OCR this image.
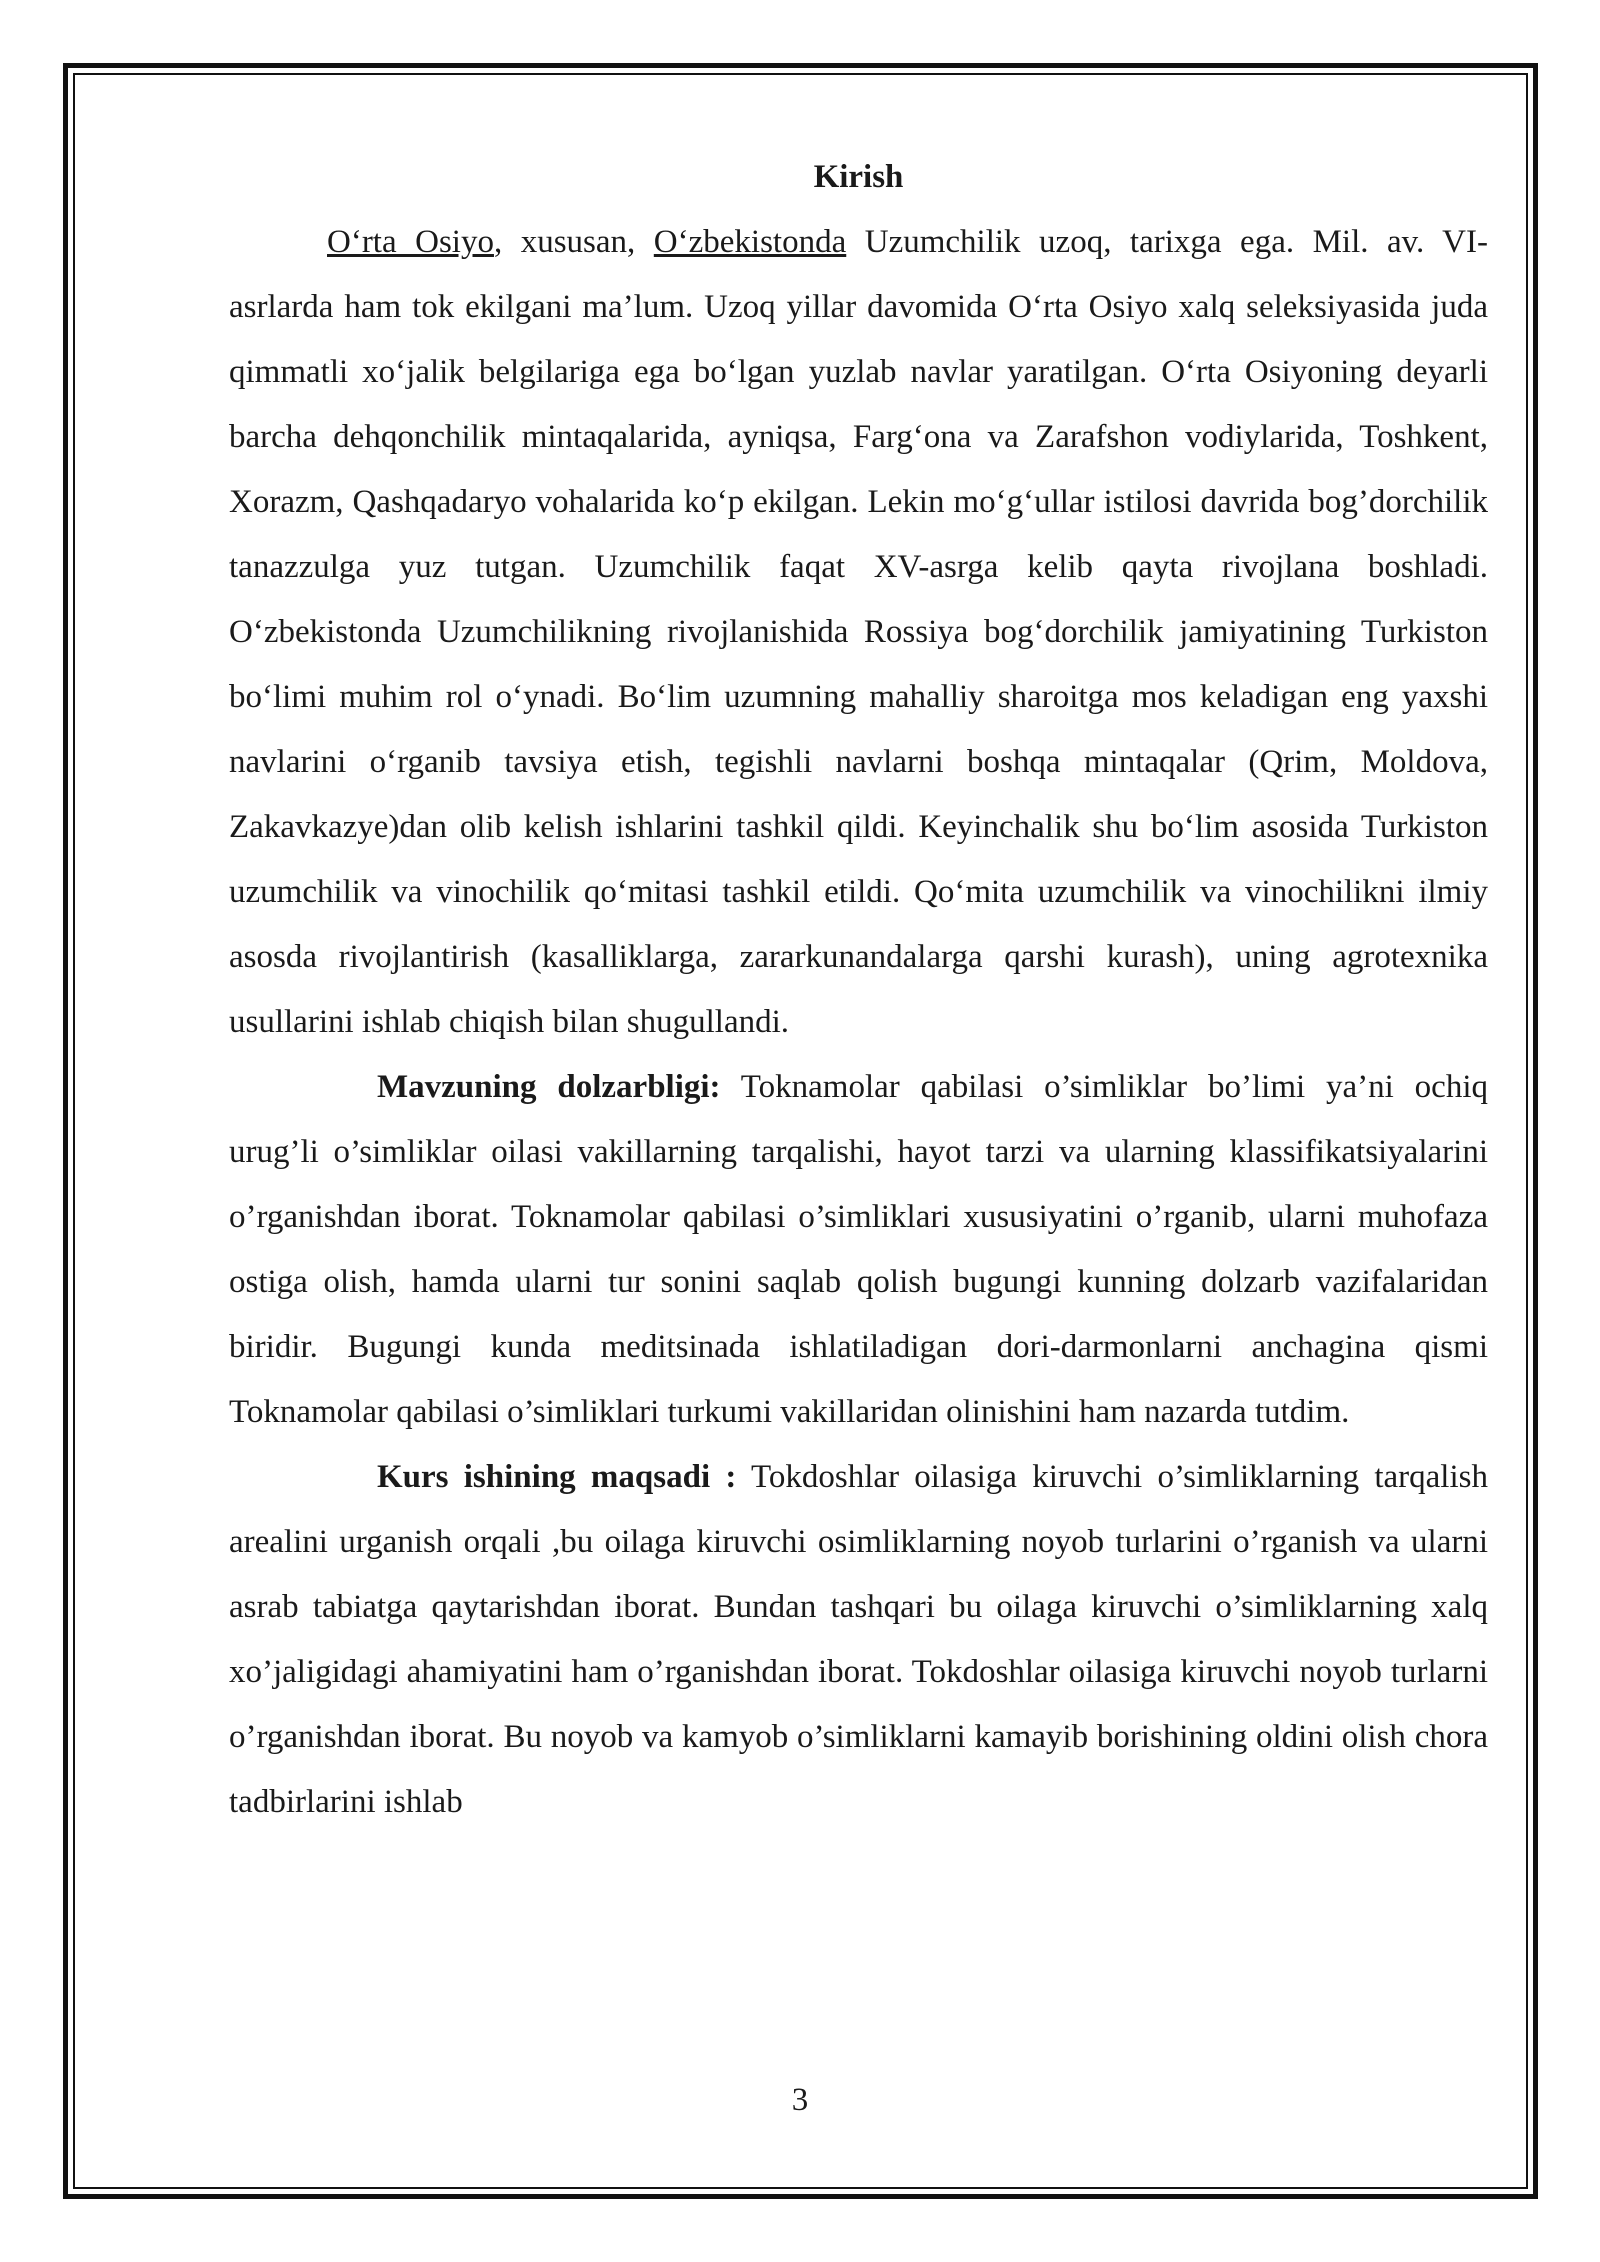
Kirish

O‘rta Osiyo, xususan, O‘zbekistonda Uzumchilik uzoq, tarixga ega. Mil. av. VI-asrlarda ham tok ekilgani ma’lum. Uzoq yillar davomida O‘rta Osiyo xalq seleksiyasida juda qimmatli xo‘jalik belgilariga ega bo‘lgan yuzlab navlar yaratilgan. O‘rta Osiyoning deyarli barcha dehqonchilik mintaqalarida, ayniqsa, Farg‘ona va Zarafshon vodiylarida, Toshkent, Xorazm, Qashqadaryo vohalarida ko‘p ekilgan. Lekin mo‘g‘ullar istilosi davrida bog’dorchilik tanazzulga yuz tutgan. Uzumchilik faqat XV-asrga kelib qayta rivojlana boshladi. O‘zbekistonda Uzumchilikning rivojlanishida Rossiya bog‘dorchilik jamiyatining Turkiston bo‘limi muhim rol o‘ynadi. Bo‘lim uzumning mahalliy sharoitga mos keladigan eng yaxshi navlarini o‘rganib tavsiya etish, tegishli navlarni boshqa mintaqalar (Qrim, Moldova, Zakavkazye)dan olib kelish ishlarini tashkil qildi. Keyinchalik shu bo‘lim asosida Turkiston uzumchilik va vinochilik qo‘mitasi tashkil etildi. Qo‘mita uzumchilik va vinochilikni ilmiy asosda rivojlantirish (kasalliklarga, zararkunandalarga qarshi kurash), uning agrotexnika usullarini ishlab chiqish bilan shugullandi.

Mavzuning dolzarbligi: Toknamolar qabilasi o’simliklar bo’limi ya’ni ochiq urug’li o’simliklar oilasi vakillarning tarqalishi, hayot tarzi va ularning klassifikatsiyalarini o’rganishdan iborat. Toknamolar qabilasi o’simliklari xususiyatini o’rganib, ularni muhofaza ostiga olish, hamda ularni tur sonini saqlab qolish bugungi kunning dolzarb vazifalaridan biridir. Bugungi kunda meditsinada ishlatiladigan dori-darmonlarni anchagina qismi Toknamolar qabilasi o’simliklari turkumi vakillaridan olinishini ham nazarda tutdim.

Kurs ishining maqsadi : Tokdoshlar oilasiga kiruvchi o’simliklarning tarqalish arealini urganish orqali ,bu oilaga kiruvchi osimliklarning noyob turlarini o’rganish va ularni asrab tabiatga qaytarishdan iborat. Bundan tashqari bu oilaga kiruvchi o’simliklarning xalq xo’jaligidagi ahamiyatini ham o’rganishdan iborat. Tokdoshlar oilasiga kiruvchi noyob turlarni o’rganishdan iborat. Bu noyob va kamyob o’simliklarni kamayib borishining oldini olish chora tadbirlarini ishlab

3
